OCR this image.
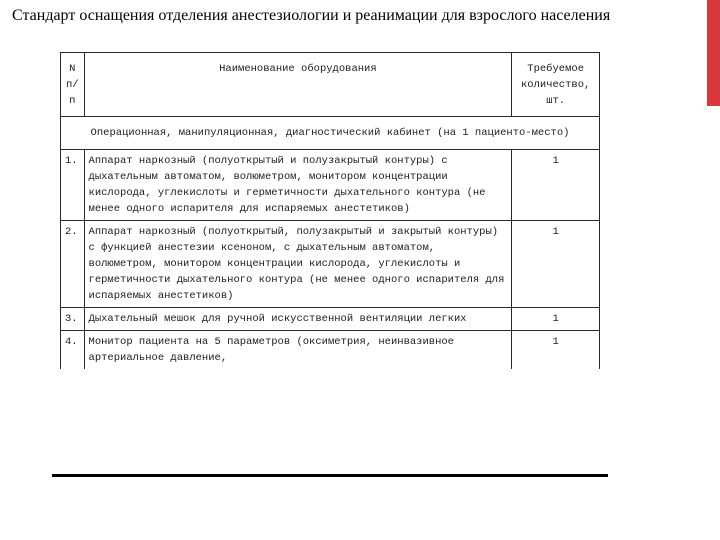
Стандарт оснащения отделения анестезиологии и реанимации для взрослого населения
N п/п	Наименование оборудования	Требуемое количество, шт.
Операционная, манипуляционная, диагностический кабинет (на 1 пациенто-место)		
1.	Аппарат наркозный (полуоткрытый и полузакрытый контуры) с дыхательным автоматом, волюметром, монитором концентрации кислорода, углекислоты и герметичности дыхательного контура (не менее одного испарителя для испаряемых анестетиков)	1
2.	Аппарат наркозный (полуоткрытый, полузакрытый и закрытый контуры) с функцией анестезии ксеноном, с дыхательным автоматом, волюметром, монитором концентрации кислорода, углекислоты и герметичности дыхательного контура (не менее одного испарителя для испаряемых анестетиков)	1
3.	Дыхательный мешок для ручной искусственной вентиляции легких	1
4.	Монитор пациента на 5 параметров (оксиметрия, неинвазивное артериальное давление,	1
